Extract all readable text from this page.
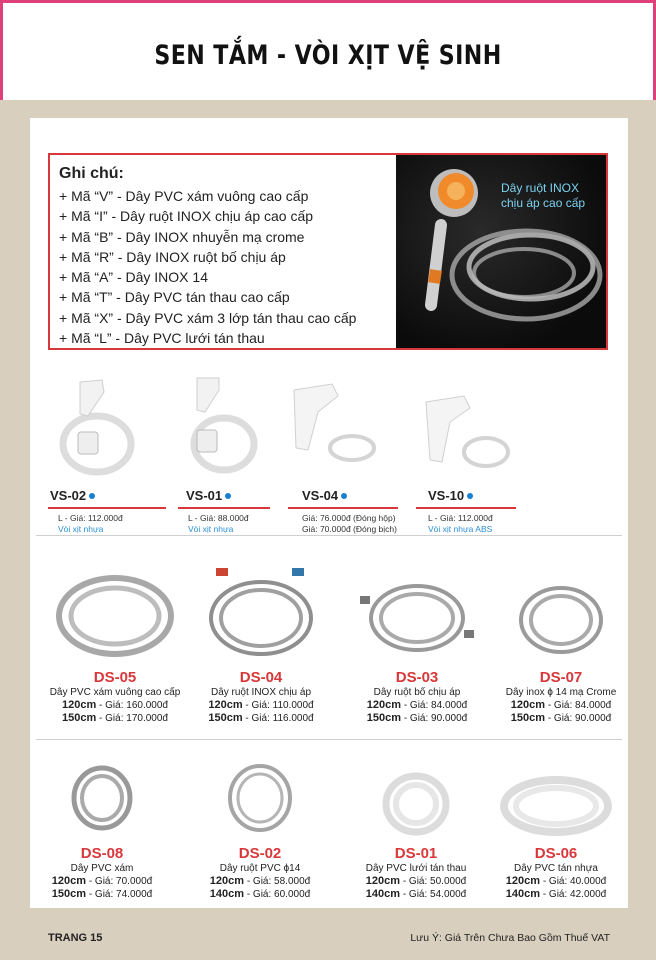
SEN TẮM - VÒI XỊT VỆ SINH
Ghi chú:
+ Mã “V” - Dây PVC xám vuông cao cấp
+ Mã “I” - Dây ruột INOX chịu áp cao cấp
+ Mã “B” - Dây INOX nhuyễn mạ crome
+ Mã “R” - Dây INOX ruột bố chịu áp
+ Mã “A” - Dây INOX 14
+ Mã “T” - Dây PVC tán thau cao cấp
+ Mã “X” - Dây PVC xám 3 lớp tán thau cao cấp
+ Mã “L” - Dây PVC lưới tán thau
Dây ruột INOX
chịu áp cao cấp
VS-02
L - Giá: 112.000đ
Vòi xịt nhựa
VS-01
L - Giá: 88.000đ
Vòi xịt nhựa
VS-04
Giá: 76.000đ (Đóng hộp)
Giá: 70.000đ (Đóng bịch)
VS-10
L - Giá: 112.000đ
Vòi xịt nhựa ABS
DS-05
Dây PVC xám vuông cao cấp
120cm - Giá: 160.000đ
150cm - Giá: 170.000đ
DS-04
Dây ruột INOX chịu áp
120cm - Giá: 110.000đ
150cm - Giá: 116.000đ
DS-03
Dây ruột bố chịu áp
120cm - Giá: 84.000đ
150cm - Giá: 90.000đ
DS-07
Dây inox ɸ 14 mạ Crome
120cm - Giá: 84.000đ
150cm - Giá: 90.000đ
DS-08
Dây PVC xám
120cm - Giá: 70.000đ
150cm - Giá: 74.000đ
DS-02
Dây ruột PVC ɸ14
120cm - Giá: 58.000đ
140cm - Giá: 60.000đ
DS-01
Dây PVC lưới tán thau
120cm - Giá: 50.000đ
140cm - Giá: 54.000đ
DS-06
Dây PVC tán nhựa
120cm - Giá: 40.000đ
140cm - Giá: 42.000đ
TRANG 15	Lưu Ý: Giá Trên Chưa Bao Gồm Thuế VAT
